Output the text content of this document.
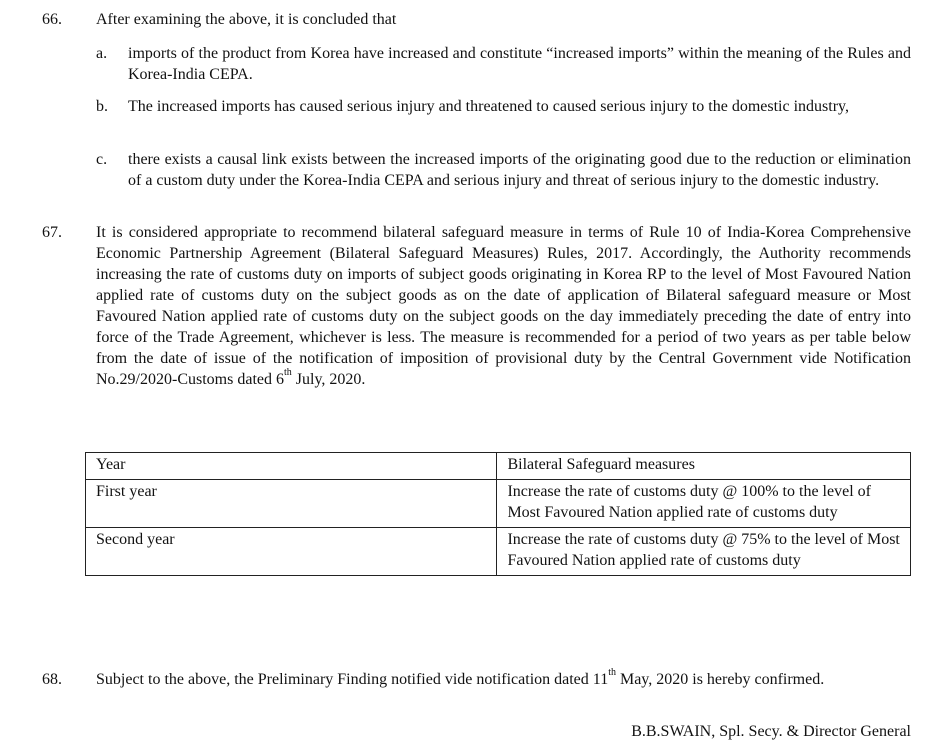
66. After examining the above, it is concluded that
a. imports of the product from Korea have increased and constitute “increased imports” within the meaning of the Rules and Korea-India CEPA.
b. The increased imports has caused serious injury and threatened to caused serious injury to the domestic industry,
c. there exists a causal link exists between the increased imports of the originating good due to the reduction or elimination of a custom duty under the Korea-India CEPA and serious injury and threat of serious injury to the domestic industry.
67. It is considered appropriate to recommend bilateral safeguard measure in terms of Rule 10 of India-Korea Comprehensive Economic Partnership Agreement (Bilateral Safeguard Measures) Rules, 2017. Accordingly, the Authority recommends increasing the rate of customs duty on imports of subject goods originating in Korea RP to the level of Most Favoured Nation applied rate of customs duty on the subject goods as on the date of application of Bilateral safeguard measure or Most Favoured Nation applied rate of customs duty on the subject goods on the day immediately preceding the date of entry into force of the Trade Agreement, whichever is less. The measure is recommended for a period of two years as per table below from the date of issue of the notification of imposition of provisional duty by the Central Government vide Notification No.29/2020-Customs dated 6th July, 2020.
Year	Bilateral Safeguard measures
First year	Increase the rate of customs duty @ 100% to the level of Most Favoured Nation applied rate of customs duty
Second year	Increase the rate of customs duty @ 75% to the level of Most Favoured Nation applied rate of customs duty
68. Subject to the above, the Preliminary Finding notified vide notification dated 11th May, 2020 is hereby confirmed.
B.B.SWAIN, Spl. Secy. & Director General
